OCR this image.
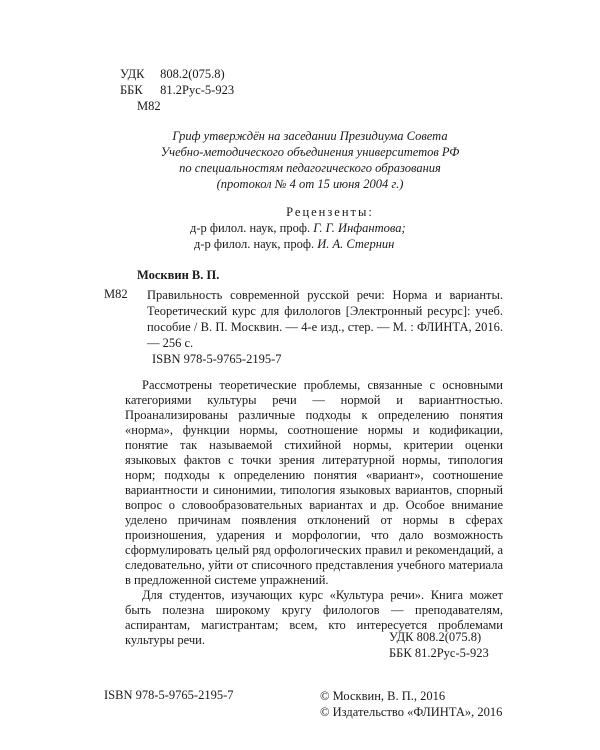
УДК 808.2(075.8)
ББК 81.2Рус-5-923
М82
Гриф утверждён на заседании Президиума Совета
Учебно-методического объединения университетов РФ
по специальностям педагогического образования
(протокол № 4 от 15 июня 2004 г.)
Рецензенты:
д-р филол. наук, проф. Г. Г. Инфантова;
д-р филол. наук, проф. И. А. Стернин
Москвин В. П.
М82 Правильность современной русской речи: Норма и варианты. Теоретический курс для филологов [Электронный ресурс]: учеб. пособие / В. П. Москвин. — 4-е изд., стер. — М. : ФЛИНТА, 2016. — 256 с.
ISBN 978-5-9765-2195-7

Рассмотрены теоретические проблемы, связанные с основными категориями культуры речи — нормой и вариантностью. Проанализированы различные подходы к определению понятия «норма», функции нормы, соотношение нормы и кодификации, понятие так называемой стихийной нормы, критерии оценки языковых фактов с точки зрения литературной нормы, типология норм; подходы к определению понятия «вариант», соотношение вариантности и синонимии, типология языковых вариантов, спорный вопрос о словообразовательных вариантах и др. Особое внимание уделено причинам появления отклонений от нормы в сферах произношения, ударения и морфологии, что дало возможность сформулировать целый ряд орфологических правил и рекомендаций, а следовательно, уйти от списочного представления учебного материала в предложенной системе упражнений.

Для студентов, изучающих курс «Культура речи». Книга может быть полезна широкому кругу филологов — преподавателям, аспирантам, магистрантам; всем, кто интересуется проблемами культуры речи.	УДК 808.2(075.8)
ББК 81.2Рус-5-923
ISBN 978-5-9765-2195-7	© Москвин, В. П., 2016
© Издательство «ФЛИНТА», 2016
